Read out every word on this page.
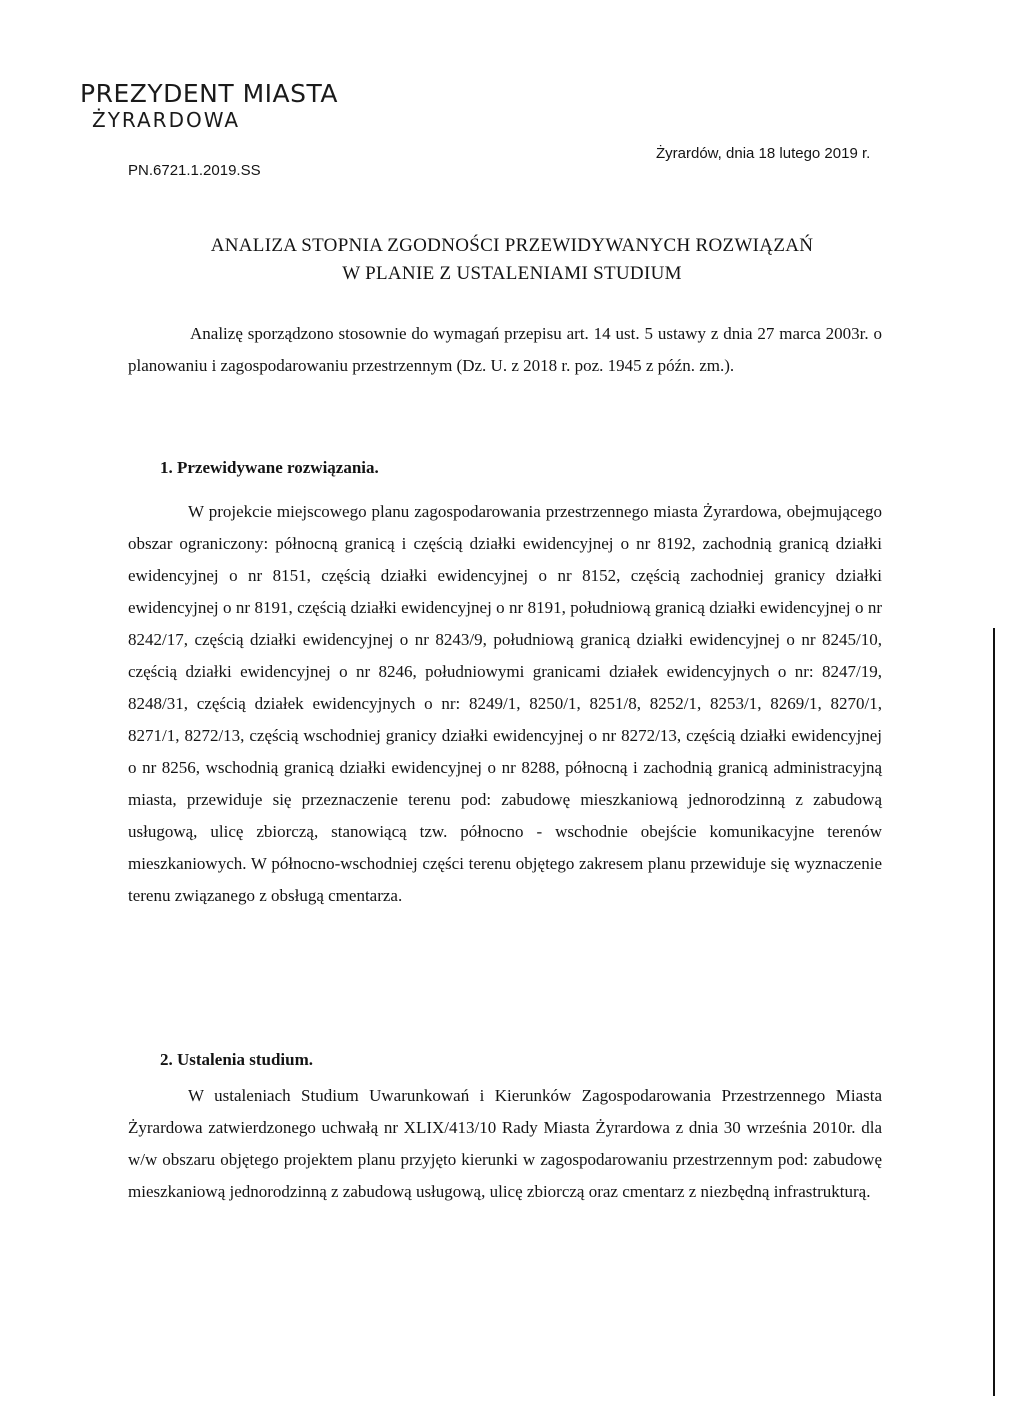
PREZYDENT MIASTA
ŻYRARDOWA
Żyrardów, dnia 18 lutego 2019 r.
PN.6721.1.2019.SS
ANALIZA STOPNIA ZGODNOŚCI PRZEWIDYWANYCH ROZWIĄZAŃ
W PLANIE Z USTALENIAMI STUDIUM
Analizę sporządzono stosownie do wymagań przepisu art. 14 ust. 5 ustawy z dnia 27 marca 2003r. o planowaniu i zagospodarowaniu przestrzennym (Dz. U. z 2018 r. poz. 1945 z późn. zm.).
1. Przewidywane rozwiązania.
W projekcie miejscowego planu zagospodarowania przestrzennego miasta Żyrardowa, obejmującego obszar ograniczony: północną granicą i częścią działki ewidencyjnej o nr 8192, zachodnią granicą działki ewidencyjnej o nr 8151, częścią działki ewidencyjnej o nr 8152, częścią zachodniej granicy działki ewidencyjnej o nr 8191, częścią działki ewidencyjnej o nr 8191, południową granicą działki ewidencyjnej o nr 8242/17, częścią działki ewidencyjnej o nr 8243/9, południową granicą działki ewidencyjnej o nr 8245/10, częścią działki ewidencyjnej o nr 8246, południowymi granicami działek ewidencyjnych o nr: 8247/19, 8248/31, częścią działek ewidencyjnych o nr: 8249/1, 8250/1, 8251/8, 8252/1, 8253/1, 8269/1, 8270/1, 8271/1, 8272/13, częścią wschodniej granicy działki ewidencyjnej o nr 8272/13, częścią działki ewidencyjnej o nr 8256, wschodnią granicą działki ewidencyjnej o nr 8288, północną i zachodnią granicą administracyjną miasta, przewiduje się przeznaczenie terenu pod: zabudowę mieszkaniową jednorodzinną z zabudową usługową, ulicę zbiorczą, stanowiącą tzw. północno - wschodnie obejście komunikacyjne terenów mieszkaniowych. W północno-wschodniej części terenu objętego zakresem planu przewiduje się wyznaczenie terenu związanego z obsługą cmentarza.
2. Ustalenia studium.
W ustaleniach Studium Uwarunkowań i Kierunków Zagospodarowania Przestrzennego Miasta Żyrardowa zatwierdzonego uchwałą nr XLIX/413/10 Rady Miasta Żyrardowa z dnia 30 września 2010r. dla w/w obszaru objętego projektem planu przyjęto kierunki w zagospodarowaniu przestrzennym pod: zabudowę mieszkaniową jednorodzinną z zabudową usługową, ulicę zbiorczą oraz cmentarz z niezbędną infrastrukturą.
